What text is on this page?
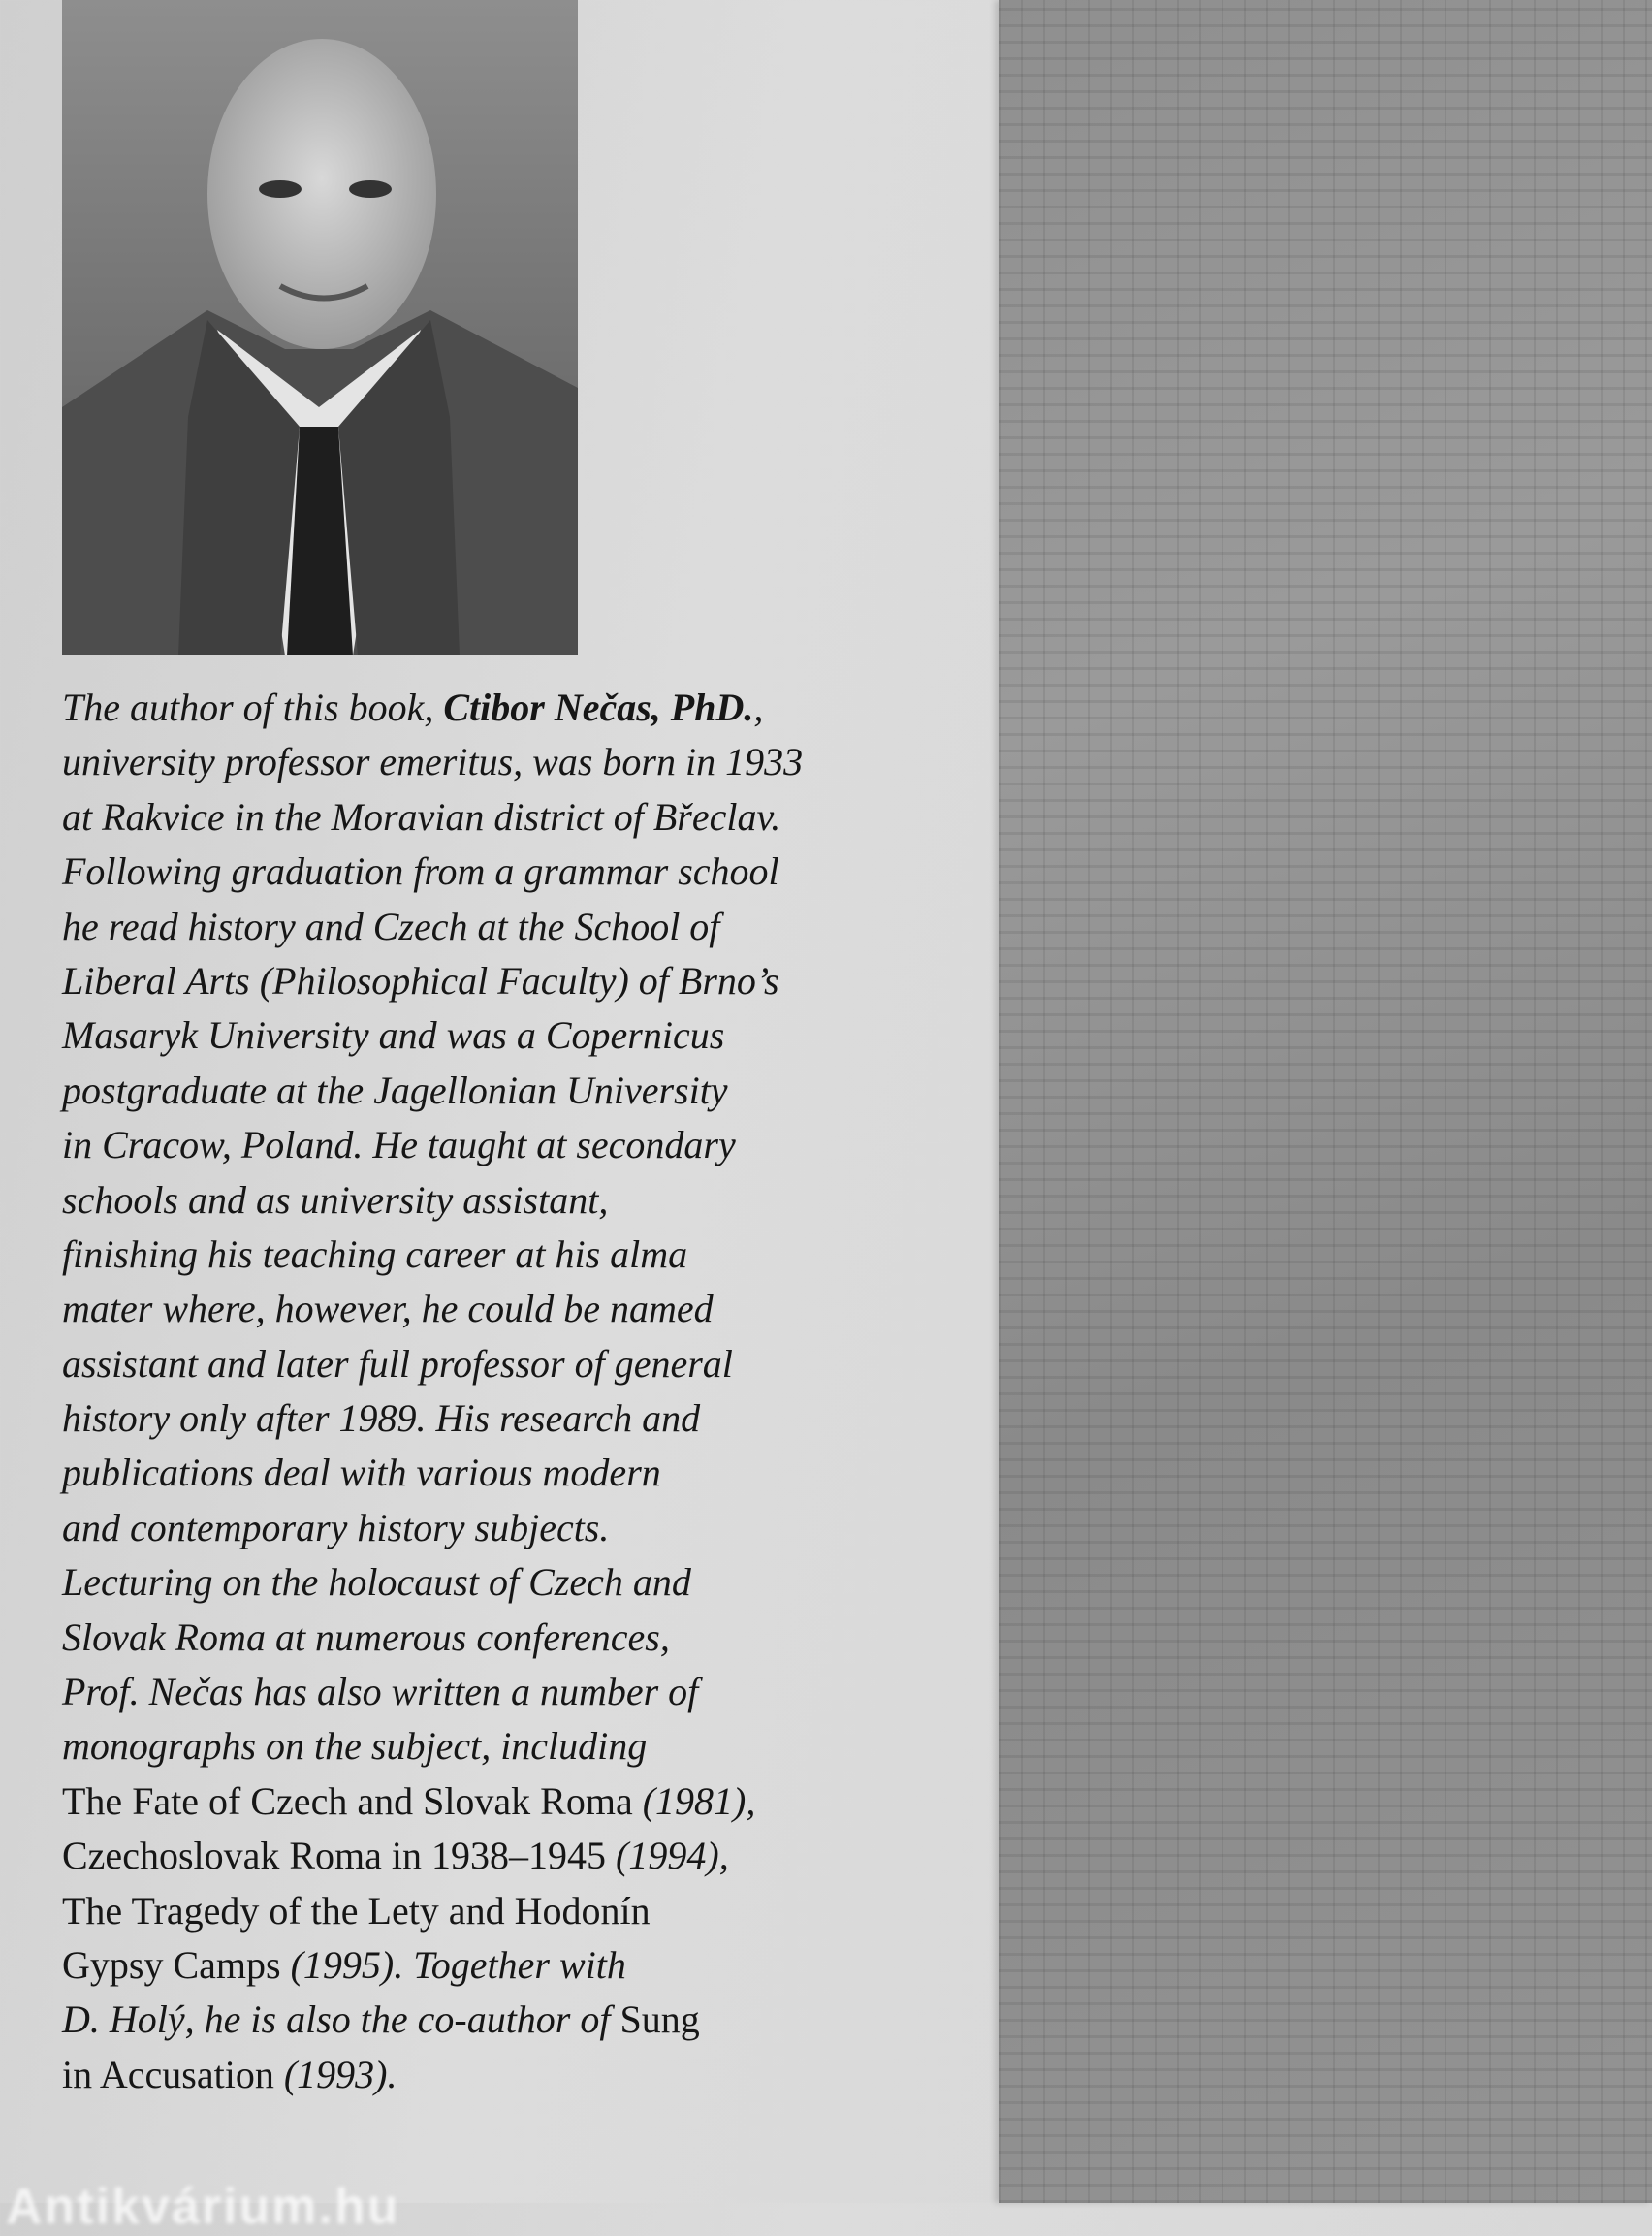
The author of this book, Ctibor Nečas, PhD.,
university professor emeritus, was born in 1933
at Rakvice in the Moravian district of Břeclav.
Following graduation from a grammar school
he read history and Czech at the School of
Liberal Arts (Philosophical Faculty) of Brno’s
Masaryk University and was a Copernicus
postgraduate at the Jagellonian University
in Cracow, Poland. He taught at secondary
schools and as university assistant,
finishing his teaching career at his alma
mater where, however, he could be named
assistant and later full professor of general
history only after 1989. His research and
publications deal with various modern
and contemporary history subjects.
Lecturing on the holocaust of Czech and
Slovak Roma at numerous conferences,
Prof. Nečas has also written a number of
monographs on the subject, including
The Fate of Czech and Slovak Roma (1981),
Czechoslovak Roma in 1938–1945 (1994),
The Tragedy of the Lety and Hodonín
Gypsy Camps (1995). Together with
D. Holý, he is also the co-author of Sung
in Accusation (1993).
Antikvárium.hu
